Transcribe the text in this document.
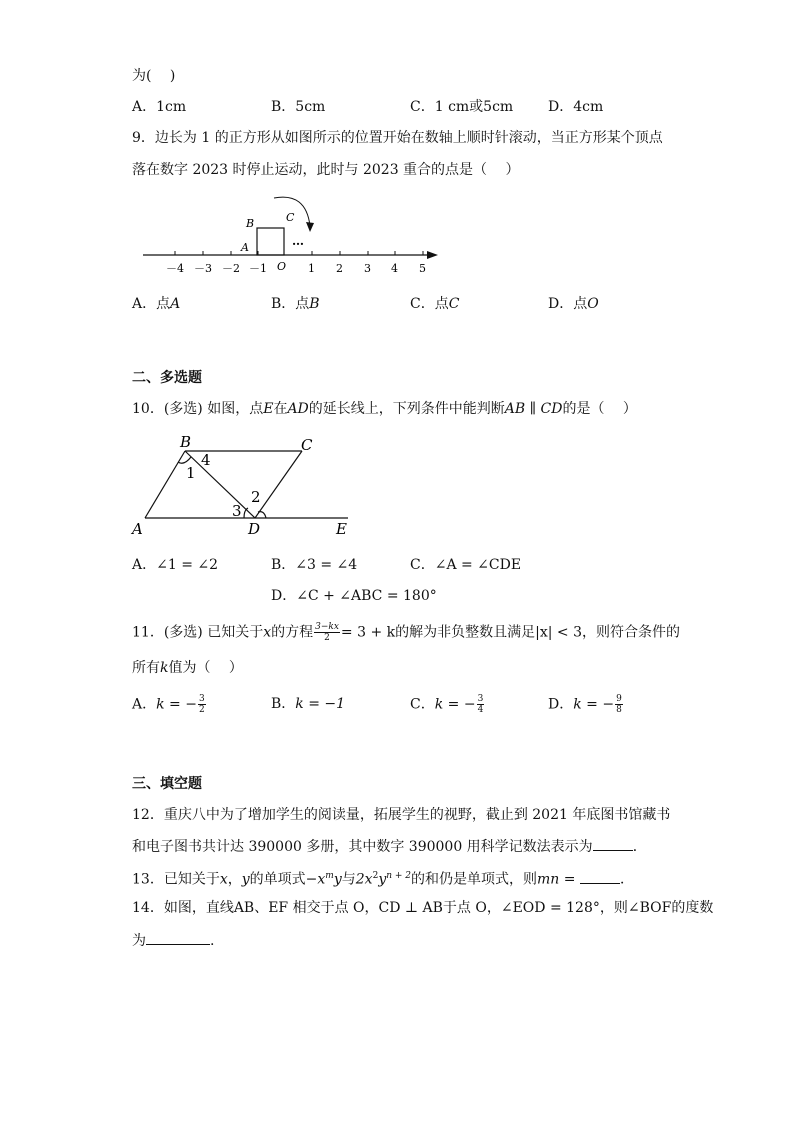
为(　 )
A．1cm	B．5cm	C．1 cm或5cm D．4cm
9．边长为 1 的正方形从如图所示的位置开始在数轴上顺时针滚动，当正方形某个顶点
落在数字 2023 时停止运动，此时与 2023 重合的点是（　 ）
…
A
B	C
－4 －3 －2 －1 O 1 2 3 4 5
A．点A	B．点B	C．点C	D．点O
二、多选题
10．(多选) 如图，点E在AD的延长线上，下列条件中能判断AB ∥ CD的是（　 ）
B	C
A	D	E
4
1
2
3
A．∠1 = ∠2	B．∠3 = ∠4	C．∠A = ∠CDE
D．∠C + ∠ABC = 180°
11．(多选) 已知关于x的方程 $\frac{3-kx}{2} = 3 + k$的解为非负整数且满足|x| < 3，则符合条件的
所有k值为（　 ）
A．k = − $\frac{3}{2}$	B．k = −1	C．k = − $\frac{3}{4}$	D．k = − $\frac{9}{8}$
三、填空题
12．重庆八中为了增加学生的阅读量，拓展学生的视野，截止到 2021 年底图书馆藏书
和电子图书共计达 390000 多册，其中数字 390000 用科学记数法表示为	．
13．已知关于x，y的单项式$-x^my$与$2x^2y^{n + 2}$的和仍是单项式，则mn =	．
14．如图，直线AB、EF 相交于点 O，CD ⊥ AB于点 O，∠EOD = 128°，则∠BOF的度数
为	.
